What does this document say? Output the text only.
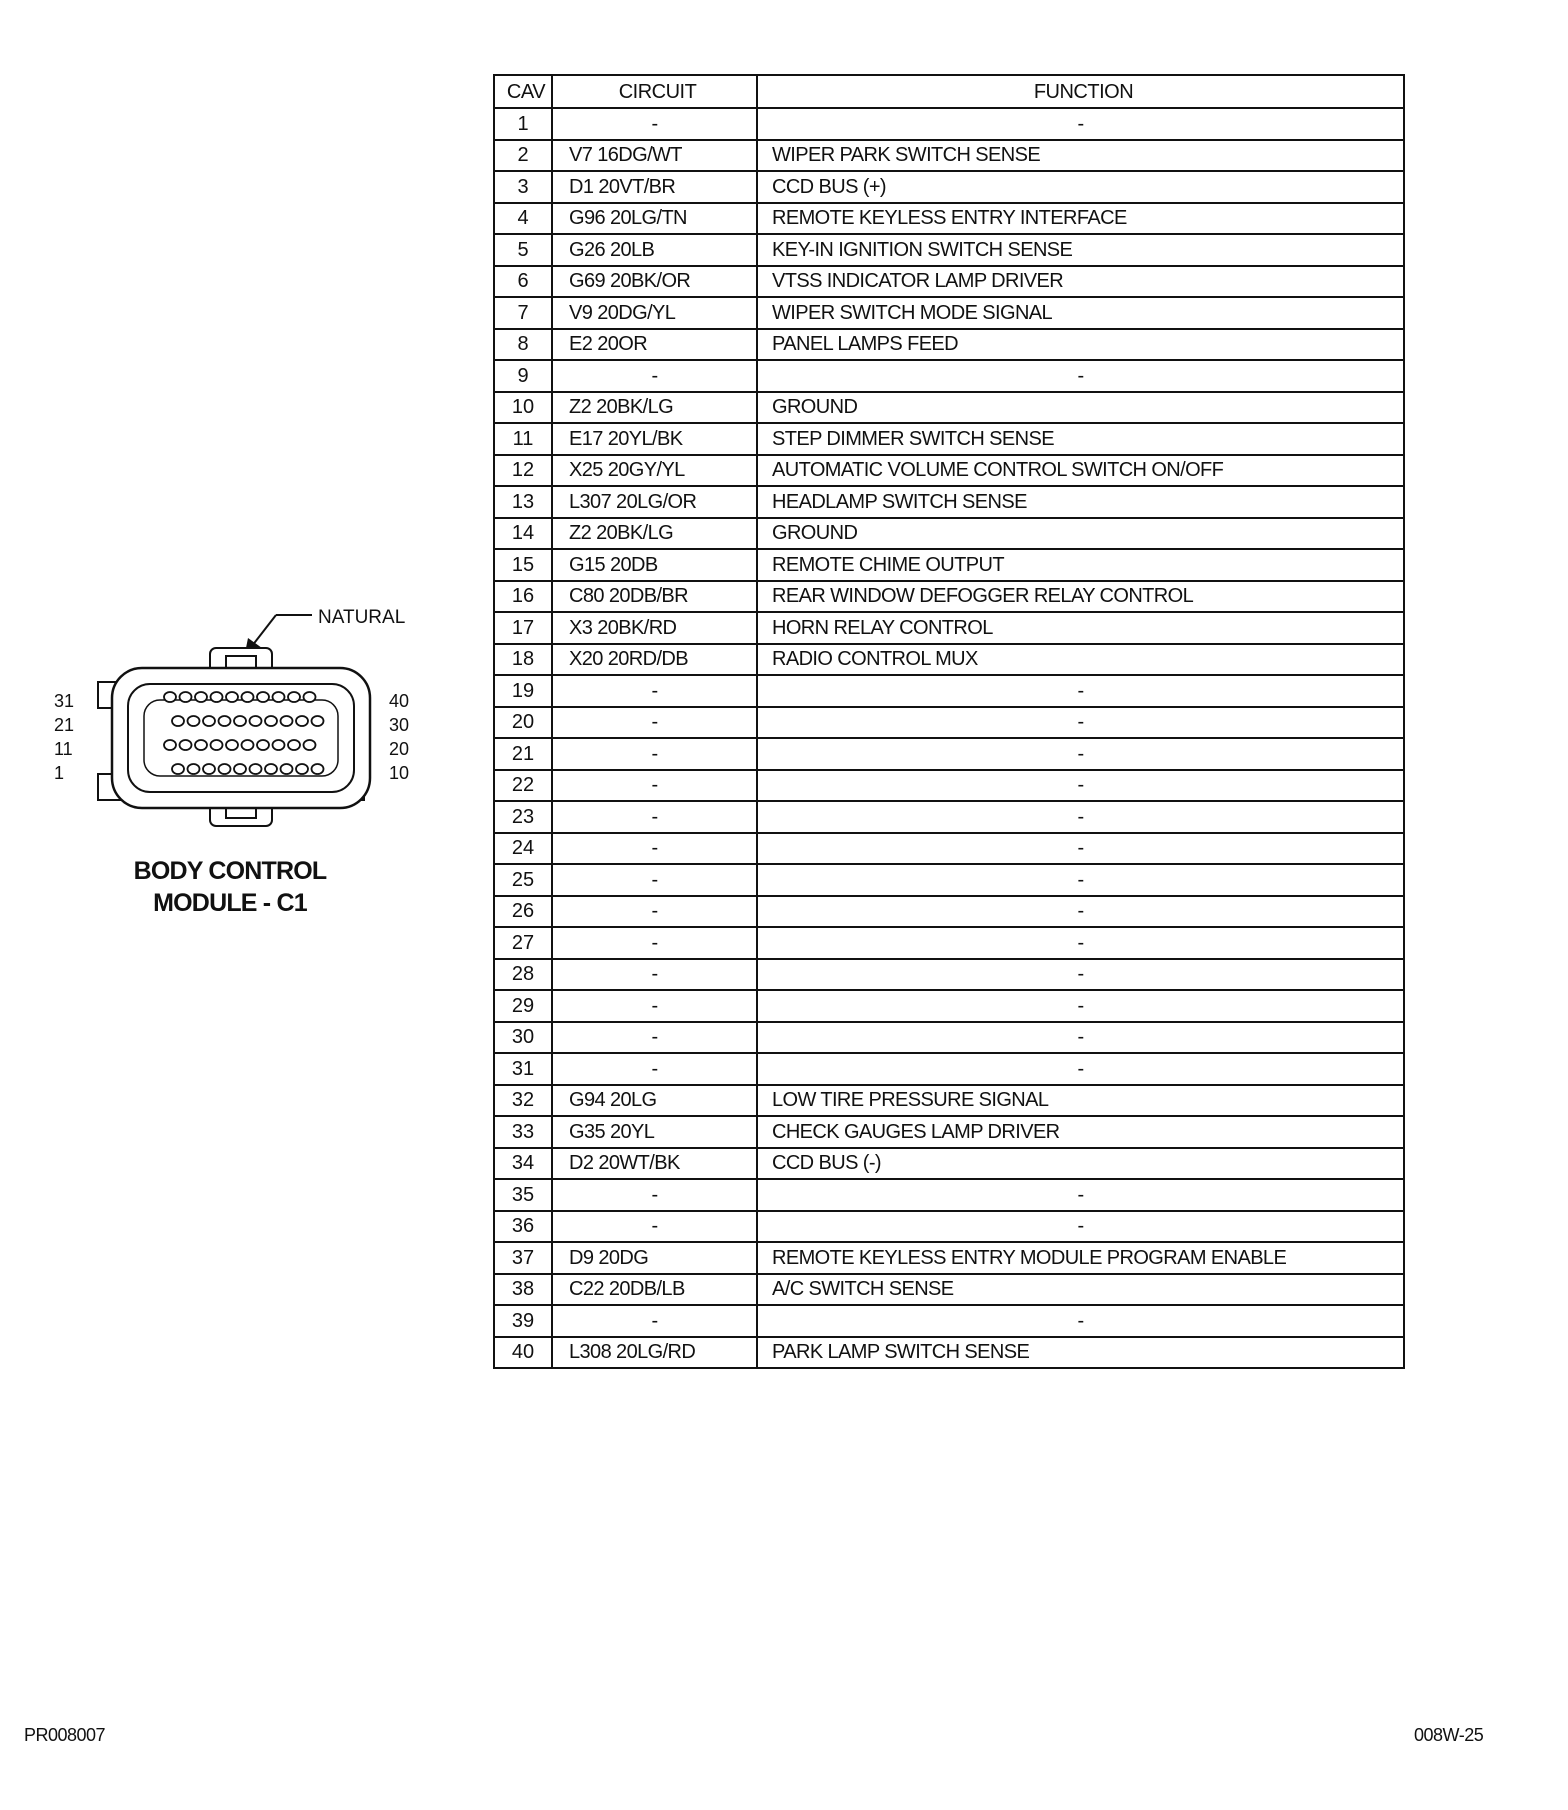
NATURAL
31
21
11
1
40
30
20
10
BODY CONTROL
MODULE - C1
CAV	CIRCUIT	FUNCTION
1	-	-
2	V7 16DG/WT	WIPER PARK SWITCH SENSE
3	D1 20VT/BR	CCD BUS (+)
4	G96 20LG/TN	REMOTE KEYLESS ENTRY INTERFACE
5	G26 20LB	KEY-IN IGNITION SWITCH SENSE
6	G69 20BK/OR	VTSS INDICATOR LAMP DRIVER
7	V9 20DG/YL	WIPER SWITCH MODE SIGNAL
8	E2 20OR	PANEL LAMPS FEED
9	-	-
10	Z2 20BK/LG	GROUND
11	E17 20YL/BK	STEP DIMMER SWITCH SENSE
12	X25 20GY/YL	AUTOMATIC VOLUME CONTROL SWITCH ON/OFF
13	L307 20LG/OR	HEADLAMP SWITCH SENSE
14	Z2 20BK/LG	GROUND
15	G15 20DB	REMOTE CHIME OUTPUT
16	C80 20DB/BR	REAR WINDOW DEFOGGER RELAY CONTROL
17	X3 20BK/RD	HORN RELAY CONTROL
18	X20 20RD/DB	RADIO CONTROL MUX
19	-	-
20	-	-
21	-	-
22	-	-
23	-	-
24	-	-
25	-	-
26	-	-
27	-	-
28	-	-
29	-	-
30	-	-
31	-	-
32	G94 20LG	LOW TIRE PRESSURE SIGNAL
33	G35 20YL	CHECK GAUGES LAMP DRIVER
34	D2 20WT/BK	CCD BUS (-)
35	-	-
36	-	-
37	D9 20DG	REMOTE KEYLESS ENTRY MODULE PROGRAM ENABLE
38	C22 20DB/LB	A/C SWITCH SENSE
39	-	-
40	L308 20LG/RD	PARK LAMP SWITCH SENSE
PR008007	008W-25
